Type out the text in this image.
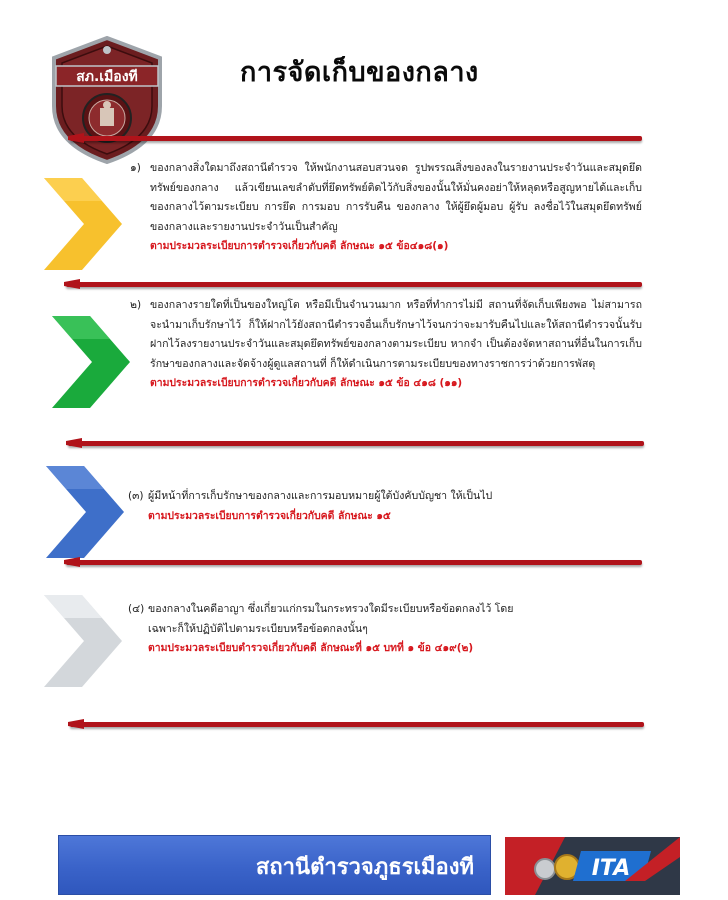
สภ.เมืองที	การจัดเก็บของกลาง
๑) ของกลางสิ่งใดมาถึงสถานีตำรวจ ให้พนักงานสอบสวนจด รูปพรรณสิ่งของลงในรายงานประจำวันและสมุดยึดทรัพย์ของกลาง แล้วเขียนเลขลำดับที่ยึดทรัพย์ติดไว้กับสิ่งของนั้นให้มั่นคงอย่าให้หลุดหรือสูญหายได้และเก็บของกลางไว้ตามระเบียบ การยึด การมอบ การรับคืน ของกลาง ให้ผู้ยึดผู้มอบ ผู้รับ ลงชื่อไว้ในสมุดยึดทรัพย์ของกลางและรายงานประจำวันเป็นสำคัญ
ตามประมวลระเบียบการตำรวจเกี่ยวกับคดี ลักษณะ ๑๕ ข้อ๔๑๘(๑)
๒) ของกลางรายใดที่เป็นของใหญ่โต หรือมีเป็นจำนวนมาก หรือที่ทำการไม่มี สถานที่จัดเก็บเพียงพอ ไม่สามารถจะนำมาเก็บรักษาไว้ ก็ให้ฝากไว้ยังสถานีตำรวจอื่นเก็บรักษาไว้จนกว่าจะมารับคืนไปและให้สถานีตำรวจนั้นรับฝากไว้ลงรายงานประจำวันและสมุดยึดทรัพย์ของกลางตามระเบียบ หากจำ เป็นต้องจัดหาสถานที่อื่นในการเก็บรักษาของกลางและจัดจ้างผู้ดูแลสถานที่ ก็ให้ดำเนินการตามระเบียบของทางราชการว่าด้วยการพัสดุ
ตามประมวลระเบียบการตำรวจเกี่ยวกับคดี ลักษณะ ๑๕ ข้อ ๔๑๘ (๑๑)
(๓) ผู้มีหน้าที่การเก็บรักษาของกลางและการมอบหมายผู้ใต้บังคับบัญชา ให้เป็นไป
ตามประมวลระเบียบการตำรวจเกี่ยวกับคดี ลักษณะ ๑๕
(๔) ของกลางในคดีอาญา ซึ่งเกี่ยวแก่กรมในกระทรวงใดมีระเบียบหรือข้อตกลงไว้ โดยเฉพาะก็ให้ปฏิบัติไปตามระเบียบหรือข้อตกลงนั้นๆ
ตามประมวลระเบียบตำรวจเกี่ยวกับคดี ลักษณะที่ ๑๕ บทที่ ๑ ข้อ ๔๑๙(๒)
สถานีตำรวจภูธรเมืองที	ITA
